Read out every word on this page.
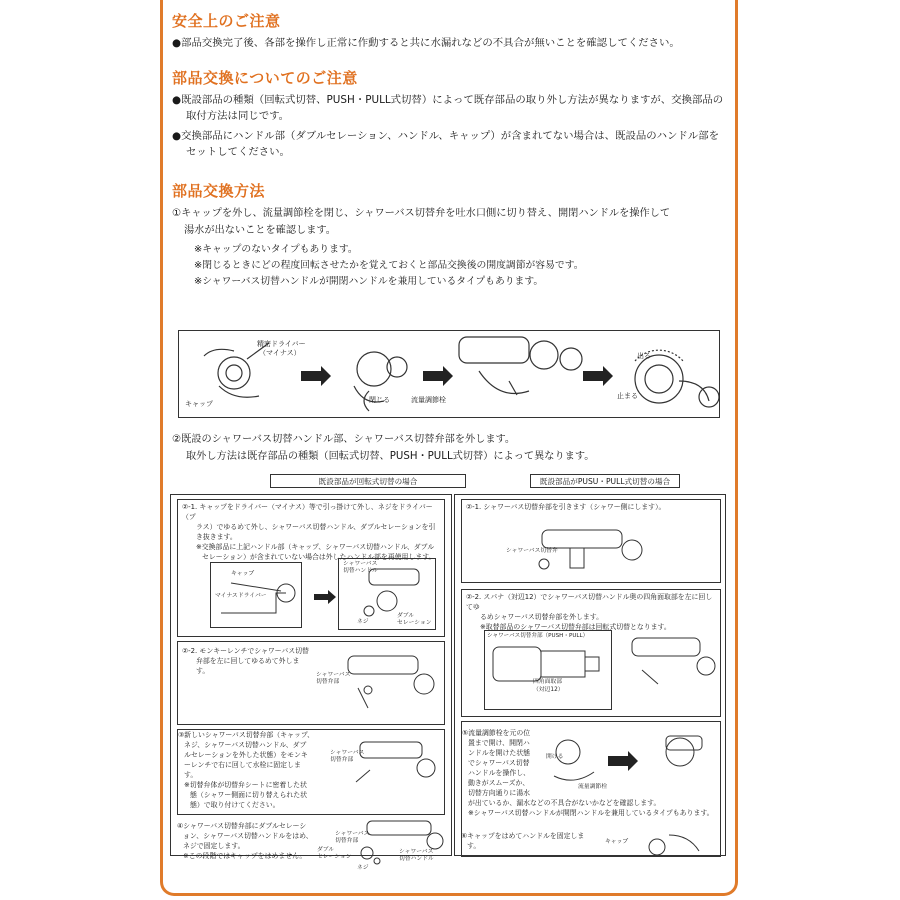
安全上のご注意

●部品交換完了後、各部を操作し正常に作動すると共に水漏れなどの不具合が無いことを確認してください。

部品交換についてのご注意

●既設部品の種類（回転式切替、PUSH・PULL式切替）によって既存部品の取り外し方法が異なりますが、交換部品の取付方法は同じです。

●交換部品にハンドル部（ダブルセレーション、ハンドル、キャップ）が含まれてない場合は、既設品のハンドル部をセットしてください。

部品交換方法

①キャップを外し、流量調節栓を閉じ、シャワーバス切替弁を吐水口側に切り替え、開閉ハンドルを操作して

湯水が出ないことを確認します。

※キャップのないタイプもあります。

※閉じるときにどの程度回転させたかを覚えておくと部品交換後の開度調節が容易です。

※シャワーバス切替ハンドルが開閉ハンドルを兼用しているタイプもあります。

精密ドライバー
（マイナス）
キャップ	閉じる	流量調節栓
出る
止まる

②既設のシャワーバス切替ハンドル部、シャワーバス切替弁部を外します。

取外し方法は既存部品の種類（回転式切替、PUSH・PULL式切替）によって異なります。

既設部品が回転式切替の場合	既設部品がPUSU・PULL式切替の場合
②-1. キャップをドライバー（マイナス）等で引っ掛けて外し、ネジをドライバー（プ
ラス）でゆるめて外し、シャワーバス切替ハンドル、ダブルセレーションを引
き抜きます。
※交換部品に上記ハンドル部（キャップ、シャワーバス切替ハンドル、ダブル
セレーション）が含まれていない場合は外したハンドル部を再使用します。
キャップ
マイナスドライバー
シャワーバス
切替ハンドル
ネジ
ダブル
セレーション
②-2. モンキーレンチでシャワーバス切替
弁部を左に回してゆるめて外します。	シャワーバス
切替弁部
③新しいシャワーバス切替弁部（キャップ、
ネジ、シャワーバス切替ハンドル、ダブ
ルセレーションを外した状態）をモンキ
ーレンチで右に回して水栓に固定しま
す。
※切替弁体が切替弁シートに密着した状
態（シャワー側面に切り替えられた状
態）で取り付けてください。
シャワーバス
切替弁部
④シャワーバス切替弁部にダブルセレーシ
ョン、シャワーバス切替ハンドルをはめ、
ネジで固定します。
※この段階ではキャップをはめません。
シャワーバス
切替弁部
ダブル
セレーション
ネジ
シャワーバス
切替ハンドル
②-1. シャワーバス切替弁部を引きます（シャワー側にします）。
シャワーバス切替弁
②-2. スパナ（対辺12）でシャワーバス切替ハンドル奥の四角面取部を左に回してゆ
るめシャワーバス切替弁部を外します。
※取替部品のシャワーバス切替弁部は回転式切替となります。
シャワーバス切替弁部（PUSH・PULL）
四角面取部
（対辺12）
⑤流量調節栓を元の位
置まで開け、開閉ハ
ンドルを開けた状態
でシャワーバス切替
ハンドルを操作し、
動きがスムーズか、
切替方向通りに湯水
が出ているか、漏水などの不具合がないかなどを確認します。
※シャワーバス切替ハンドルが開閉ハンドルを兼用しているタイプもあります。
開ける
流量調節栓
⑥キャップをはめてハンドルを固定しま
す。	キャップ
